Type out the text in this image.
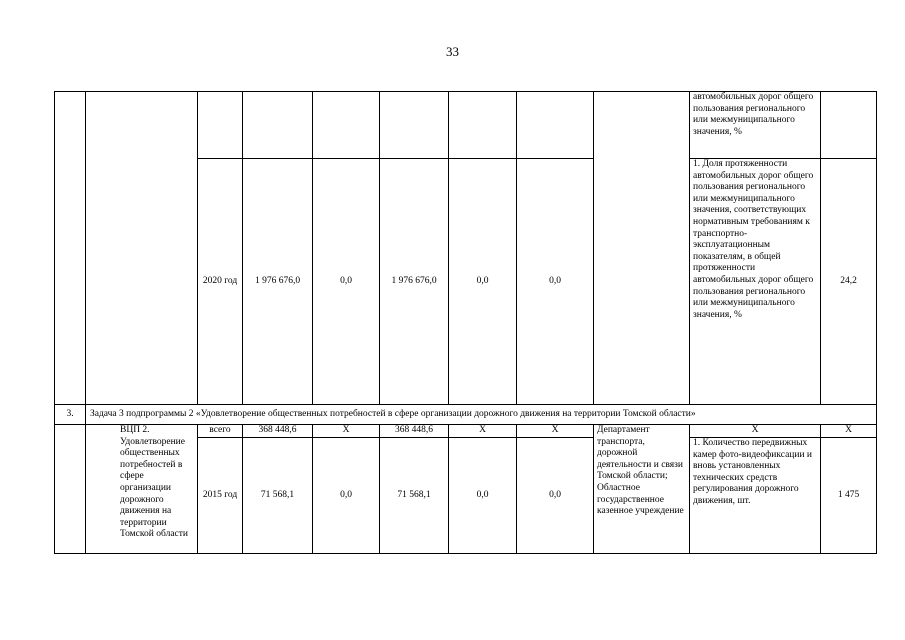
33
									автомобильных дорог общего пользования регионального или межмуниципального значения, %	
		2020 год	1 976 676,0	0,0	1 976 676,0	0,0	0,0		1. Доля протяженности автомобильных дорог общего пользования регионального или межмуниципального значения, соответствующих нормативным требованиям к транспортно-эксплуатационным показателям, в общей протяженности автомобильных дорог общего пользования регионального или межмуниципального значения, %	24,2
3.	Задача 3 подпрограммы 2 «Удовлетворение общественных потребностей в сфере организации дорожного движения на территории Томской области»									
	ВЦП 2. Удовлетворение общественных потребностей в сфере организации дорожного движения на территории Томской области	всего	368 448,6	X	368 448,6	X	X	Департамент транспорта, дорожной деятельности и связи Томской области; Областное государственное казенное учреждение	X	X
		2015 год	71 568,1	0,0	71 568,1	0,0	0,0		1. Количество передвижных камер фото-видеофиксации и вновь установленных технических средств регулирования дорожного движения, шт.	1 475
